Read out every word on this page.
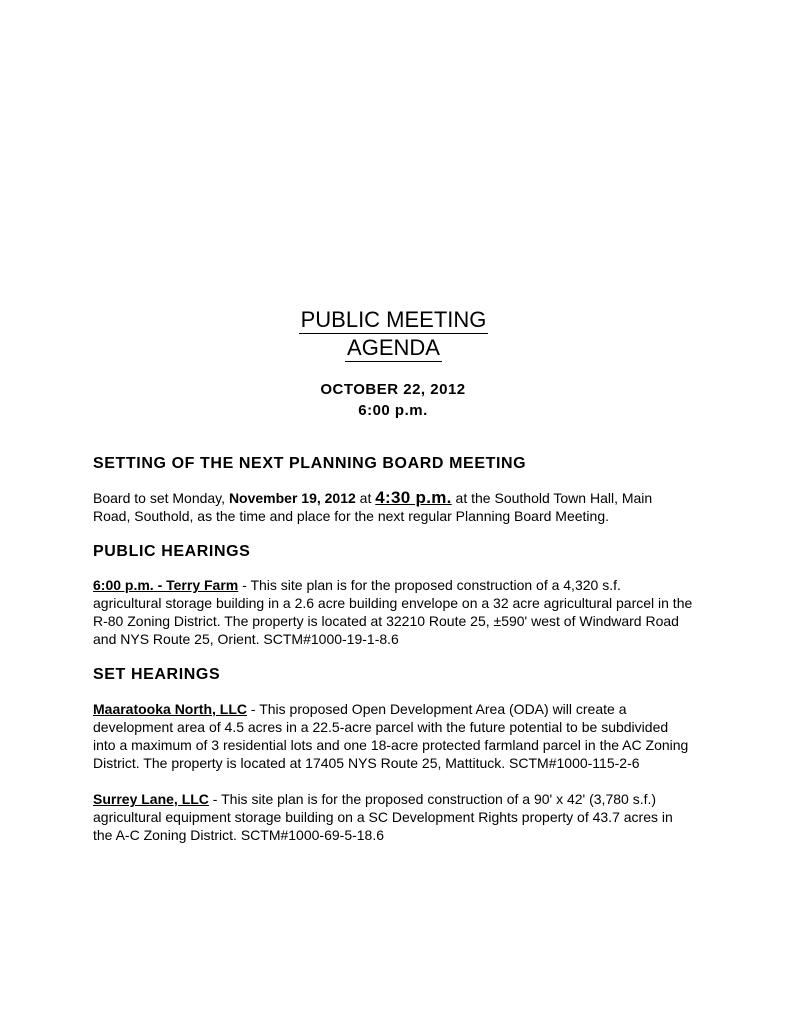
PUBLIC MEETING
AGENDA
OCTOBER 22, 2012
6:00 p.m.
SETTING OF THE NEXT PLANNING BOARD MEETING

Board to set Monday, November 19, 2012 at 4:30 p.m. at the Southold Town Hall, Main Road, Southold, as the time and place for the next regular Planning Board Meeting.

PUBLIC HEARINGS

6:00 p.m. - Terry Farm - This site plan is for the proposed construction of a 4,320 s.f. agricultural storage building in a 2.6 acre building envelope on a 32 acre agricultural parcel in the R-80 Zoning District. The property is located at 32210 Route 25, ±590' west of Windward Road and NYS Route 25, Orient. SCTM#1000-19-1-8.6

SET HEARINGS

Maaratooka North, LLC - This proposed Open Development Area (ODA) will create a development area of 4.5 acres in a 22.5-acre parcel with the future potential to be subdivided into a maximum of 3 residential lots and one 18-acre protected farmland parcel in the AC Zoning District. The property is located at 17405 NYS Route 25, Mattituck. SCTM#1000-115-2-6

Surrey Lane, LLC - This site plan is for the proposed construction of a 90' x 42' (3,780 s.f.) agricultural equipment storage building on a SC Development Rights property of 43.7 acres in the A-C Zoning District. SCTM#1000-69-5-18.6
